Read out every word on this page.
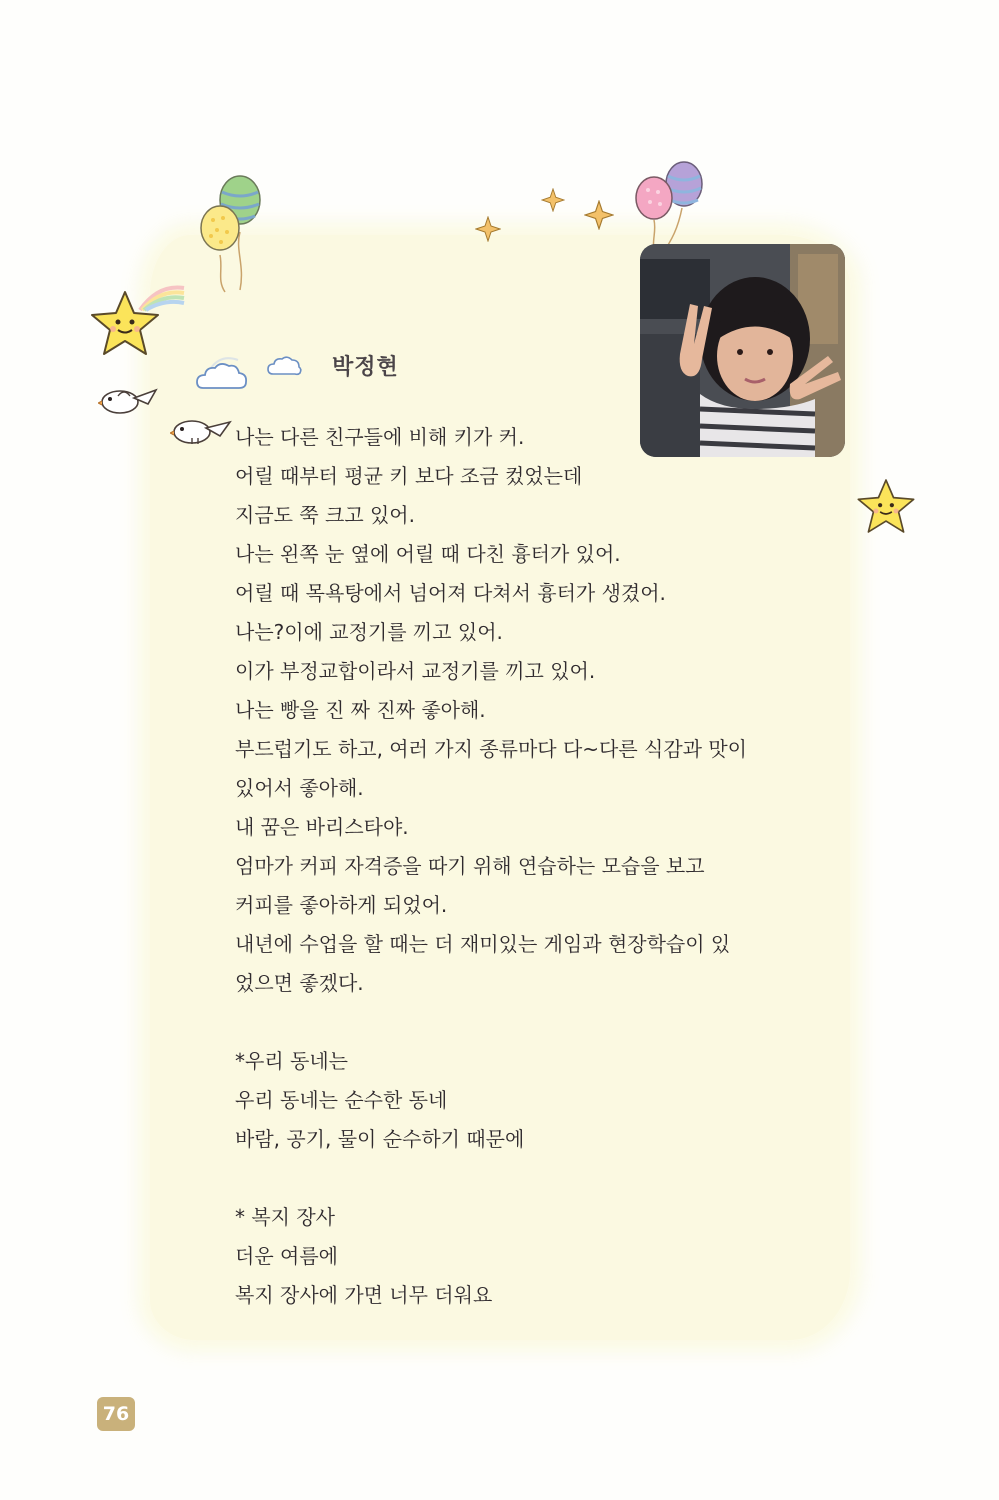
박정현
나는 다른 친구들에 비해 키가 커.
어릴 때부터 평균 키 보다 조금 컸었는데
지금도 쭉 크고 있어.
나는 왼쪽 눈 옆에 어릴 때 다친 흉터가 있어.
어릴 때 목욕탕에서 넘어져 다쳐서 흉터가 생겼어.
나는?이에 교정기를 끼고 있어.
이가 부정교합이라서 교정기를 끼고 있어.
나는 빵을 진 짜 진짜 좋아해.
부드럽기도 하고, 여러 가지 종류마다 다~다른 식감과 맛이
있어서 좋아해.
내 꿈은 바리스타야.
엄마가 커피 자격증을 따기 위해 연습하는 모습을 보고
커피를 좋아하게 되었어.
내년에 수업을 할 때는 더 재미있는 게임과 현장학습이 있
었으면 좋겠다.
*우리 동네는
우리 동네는 순수한 동네
바람, 공기, 물이 순수하기 때문에
* 복지 장사
더운 여름에
복지 장사에 가면 너무 더워요
76
